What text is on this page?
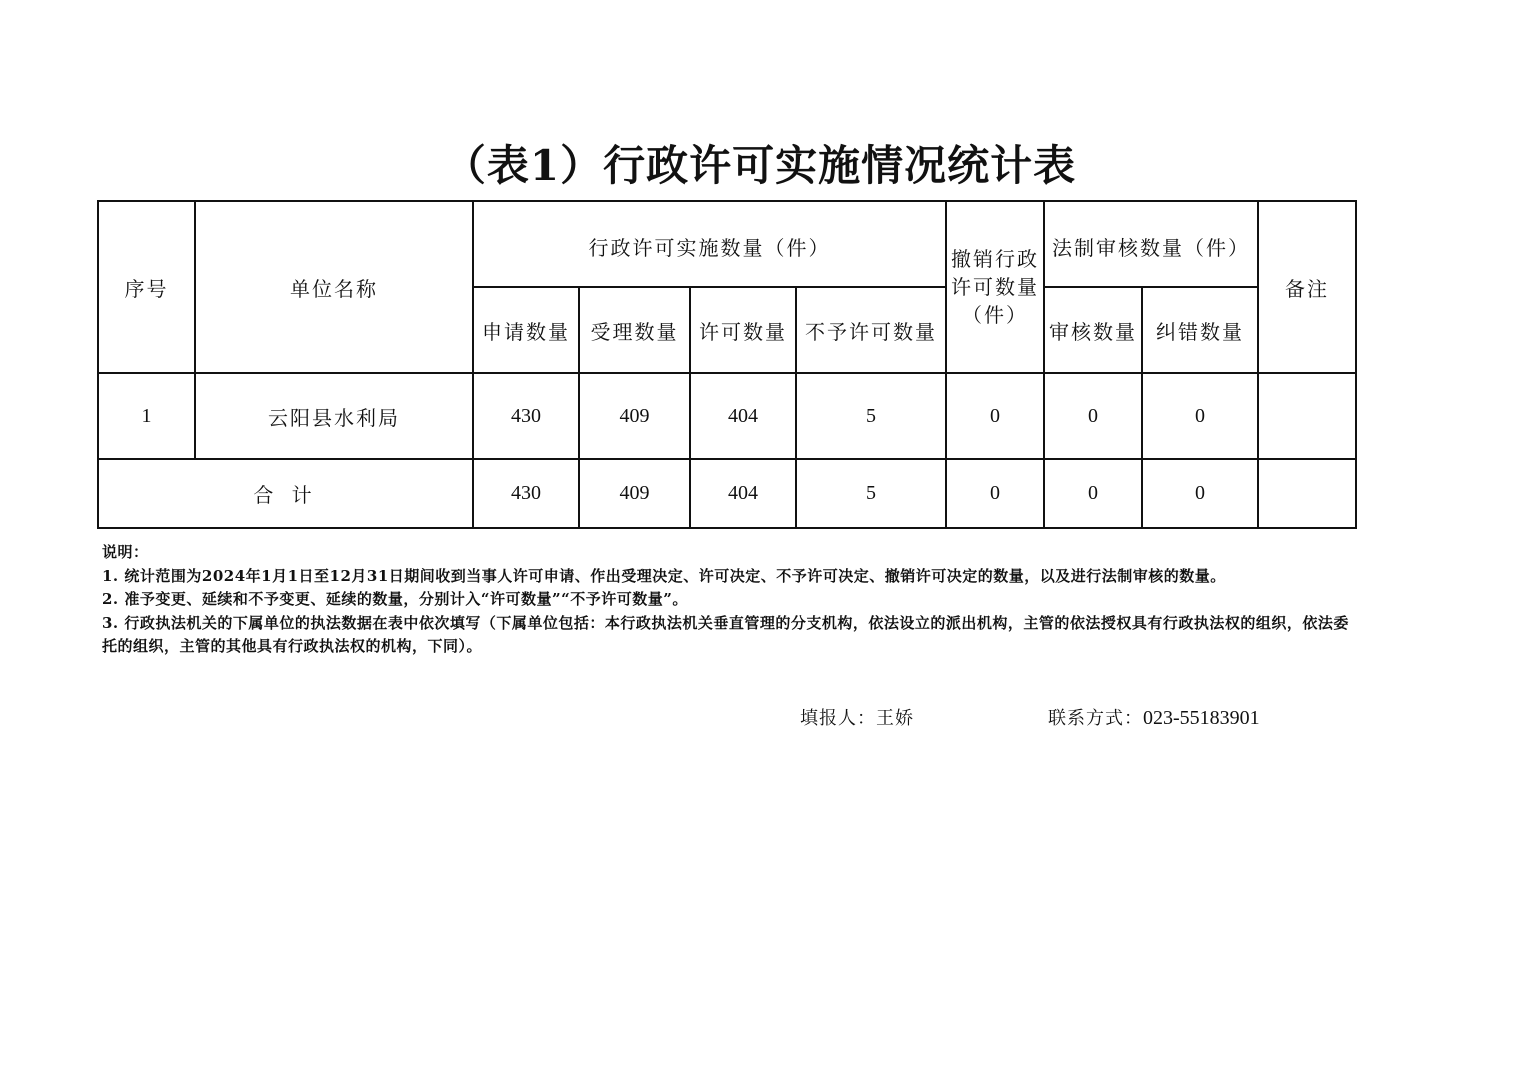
（表1）行政许可实施情况统计表
序号	单位名称	行政许可实施数量（件）				撤销行政许可数量（件）	法制审核数量（件）		备注
		申请数量	受理数量	许可数量	不予许可数量		审核数量	纠错数量	
1	云阳县水利局	430	409	404	5	0	0	0	
合 计		430	409	404	5	0	0	0	

说明：

1. 统计范围为2024年1月1日至12月31日期间收到当事人许可申请、作出受理决定、许可决定、不予许可决定、撤销许可决定的数量，以及进行法制审核的数量。

2. 准予变更、延续和不予变更、延续的数量，分别计入“许可数量”“不予许可数量”。

3. 行政执法机关的下属单位的执法数据在表中依次填写（下属单位包括：本行政执法机关垂直管理的分支机构，依法设立的派出机构，主管的依法授权具有行政执法权的组织，依法委托的组织，主管的其他具有行政执法权的机构，下同）。

填报人：王娇	联系方式：023-55183901
